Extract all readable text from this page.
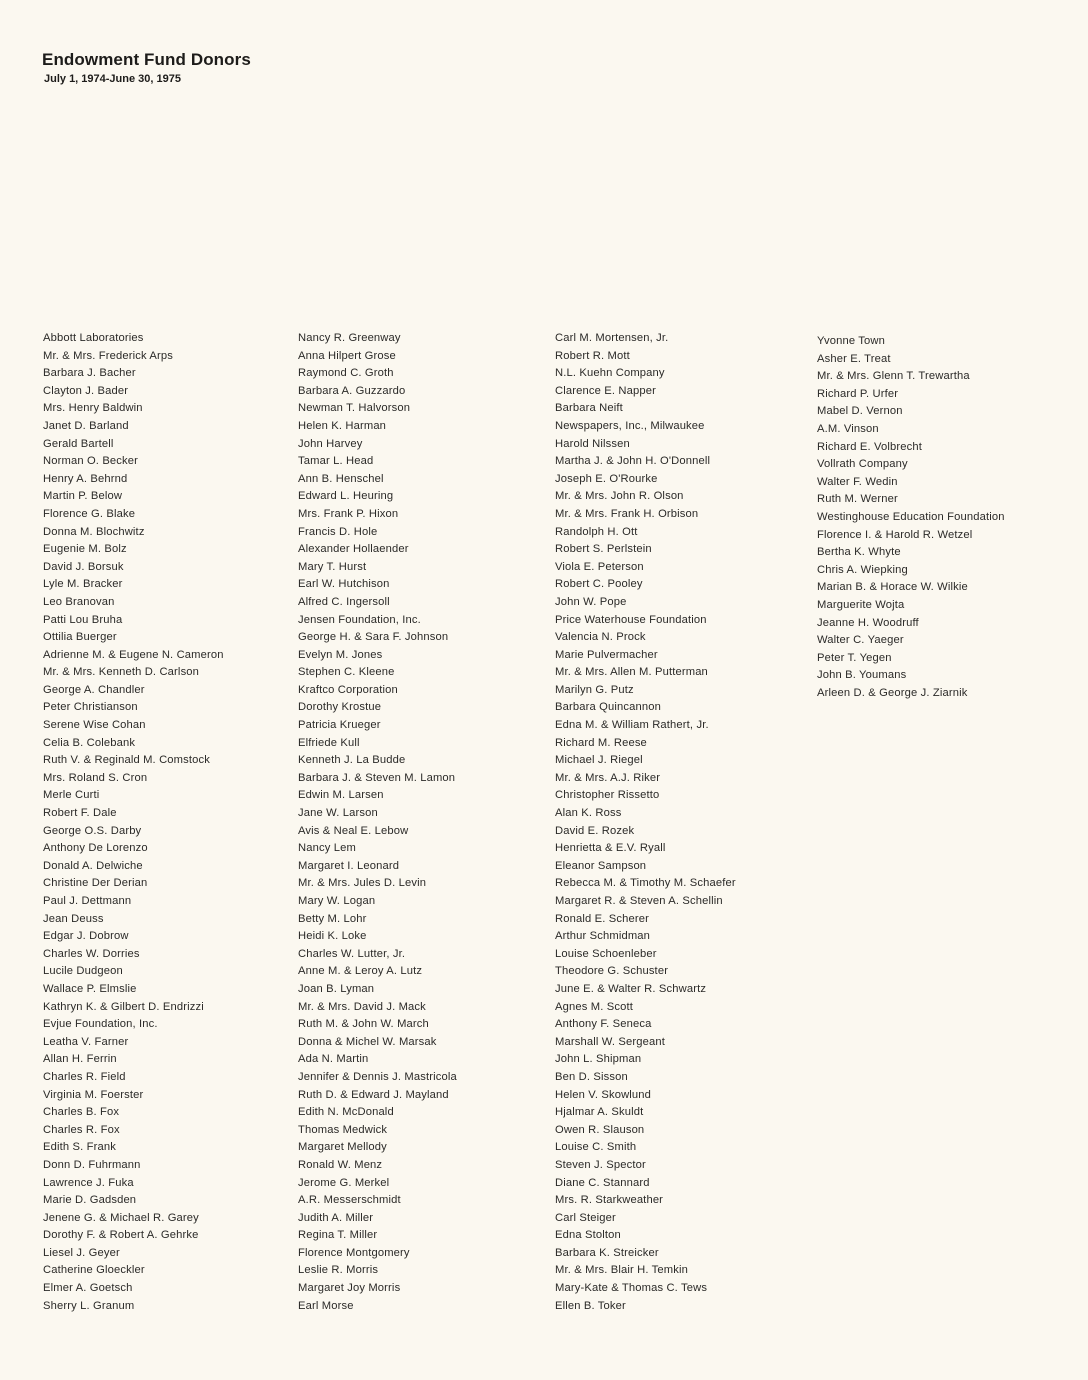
Endowment Fund Donors
July 1, 1974-June 30, 1975
Abbott Laboratories
Mr. & Mrs. Frederick Arps
Barbara J. Bacher
Clayton J. Bader
Mrs. Henry Baldwin
Janet D. Barland
Gerald Bartell
Norman O. Becker
Henry A. Behrnd
Martin P. Below
Florence G. Blake
Donna M. Blochwitz
Eugenie M. Bolz
David J. Borsuk
Lyle M. Bracker
Leo Branovan
Patti Lou Bruha
Ottilia Buerger
Adrienne M. & Eugene N. Cameron
Mr. & Mrs. Kenneth D. Carlson
George A. Chandler
Peter Christianson
Serene Wise Cohan
Celia B. Colebank
Ruth V. & Reginald M. Comstock
Mrs. Roland S. Cron
Merle Curti
Robert F. Dale
George O.S. Darby
Anthony De Lorenzo
Donald A. Delwiche
Christine Der Derian
Paul J. Dettmann
Jean Deuss
Edgar J. Dobrow
Charles W. Dorries
Lucile Dudgeon
Wallace P. Elmslie
Kathryn K. & Gilbert D. Endrizzi
Evjue Foundation, Inc.
Leatha V. Farner
Allan H. Ferrin
Charles R. Field
Virginia M. Foerster
Charles B. Fox
Charles R. Fox
Edith S. Frank
Donn D. Fuhrmann
Lawrence J. Fuka
Marie D. Gadsden
Jenene G. & Michael R. Garey
Dorothy F. & Robert A. Gehrke
Liesel J. Geyer
Catherine Gloeckler
Elmer A. Goetsch
Sherry L. Granum
Nancy R. Greenway
Anna Hilpert Grose
Raymond C. Groth
Barbara A. Guzzardo
Newman T. Halvorson
Helen K. Harman
John Harvey
Tamar L. Head
Ann B. Henschel
Edward L. Heuring
Mrs. Frank P. Hixon
Francis D. Hole
Alexander Hollaender
Mary T. Hurst
Earl W. Hutchison
Alfred C. Ingersoll
Jensen Foundation, Inc.
George H. & Sara F. Johnson
Evelyn M. Jones
Stephen C. Kleene
Kraftco Corporation
Dorothy Krostue
Patricia Krueger
Elfriede Kull
Kenneth J. La Budde
Barbara J. & Steven M. Lamon
Edwin M. Larsen
Jane W. Larson
Avis & Neal E. Lebow
Nancy Lem
Margaret I. Leonard
Mr. & Mrs. Jules D. Levin
Mary W. Logan
Betty M. Lohr
Heidi K. Loke
Charles W. Lutter, Jr.
Anne M. & Leroy A. Lutz
Joan B. Lyman
Mr. & Mrs. David J. Mack
Ruth M. & John W. March
Donna & Michel W. Marsak
Ada N. Martin
Jennifer & Dennis J. Mastricola
Ruth D. & Edward J. Mayland
Edith N. McDonald
Thomas Medwick
Margaret Mellody
Ronald W. Menz
Jerome G. Merkel
A.R. Messerschmidt
Judith A. Miller
Regina T. Miller
Florence Montgomery
Leslie R. Morris
Margaret Joy Morris
Earl Morse
Carl M. Mortensen, Jr.
Robert R. Mott
N.L. Kuehn Company
Clarence E. Napper
Barbara Neift
Newspapers, Inc., Milwaukee
Harold Nilssen
Martha J. & John H. O'Donnell
Joseph E. O'Rourke
Mr. & Mrs. John R. Olson
Mr. & Mrs. Frank H. Orbison
Randolph H. Ott
Robert S. Perlstein
Viola E. Peterson
Robert C. Pooley
John W. Pope
Price Waterhouse Foundation
Valencia N. Prock
Marie Pulvermacher
Mr. & Mrs. Allen M. Putterman
Marilyn G. Putz
Barbara Quincannon
Edna M. & William Rathert, Jr.
Richard M. Reese
Michael J. Riegel
Mr. & Mrs. A.J. Riker
Christopher Rissetto
Alan K. Ross
David E. Rozek
Henrietta & E.V. Ryall
Eleanor Sampson
Rebecca M. & Timothy M. Schaefer
Margaret R. & Steven A. Schellin
Ronald E. Scherer
Arthur Schmidman
Louise Schoenleber
Theodore G. Schuster
June E. & Walter R. Schwartz
Agnes M. Scott
Anthony F. Seneca
Marshall W. Sergeant
John L. Shipman
Ben D. Sisson
Helen V. Skowlund
Hjalmar A. Skuldt
Owen R. Slauson
Louise C. Smith
Steven J. Spector
Diane C. Stannard
Mrs. R. Starkweather
Carl Steiger
Edna Stolton
Barbara K. Streicker
Mr. & Mrs. Blair H. Temkin
Mary-Kate & Thomas C. Tews
Ellen B. Toker
Yvonne Town
Asher E. Treat
Mr. & Mrs. Glenn T. Trewartha
Richard P. Urfer
Mabel D. Vernon
A.M. Vinson
Richard E. Volbrecht
Vollrath Company
Walter F. Wedin
Ruth M. Werner
Westinghouse Education Foundation
Florence I. & Harold R. Wetzel
Bertha K. Whyte
Chris A. Wiepking
Marian B. & Horace W. Wilkie
Marguerite Wojta
Jeanne H. Woodruff
Walter C. Yaeger
Peter T. Yegen
John B. Youmans
Arleen D. & George J. Ziarnik
